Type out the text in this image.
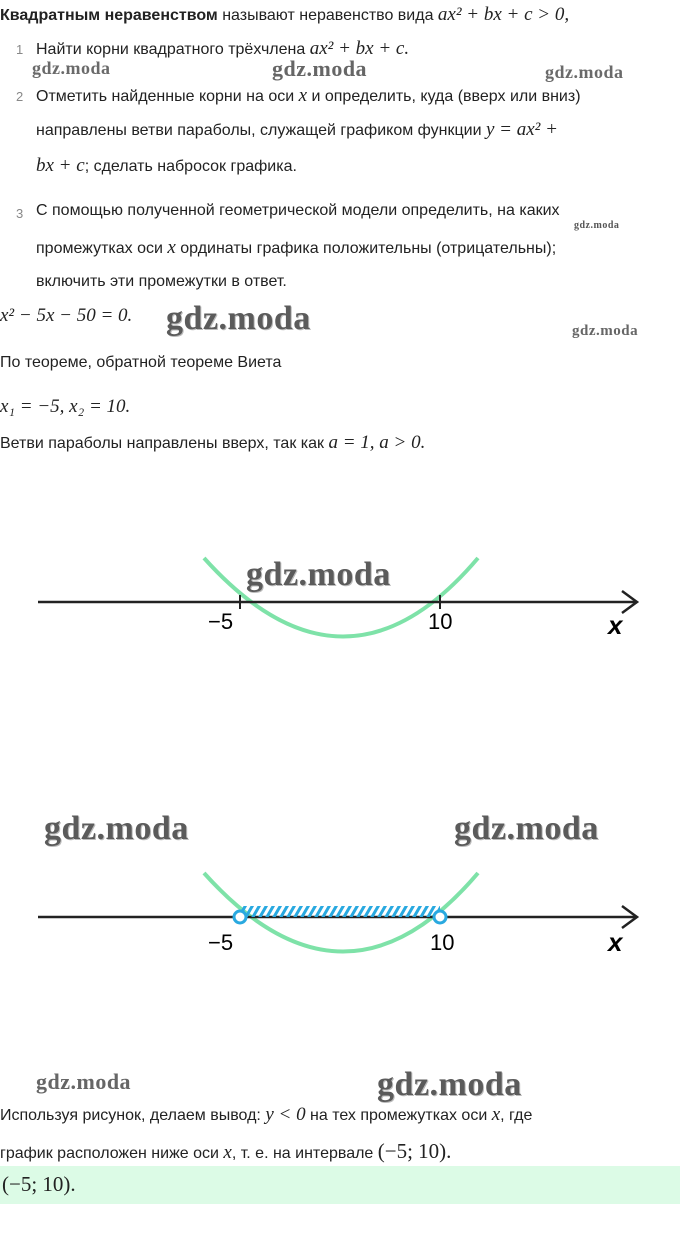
Квадратным неравенством называют неравенство вида ax² + bx + c > 0,
1 Найти корни квадратного трёхчлена ax² + bx + c.
2 Отметить найденные корни на оси x и определить, куда (вверх или вниз)
направлены ветви параболы, служащей графиком функции y = ax² +
bx + c; сделать набросок графика.
3 С помощью полученной геометрической модели определить, на каких
промежутках оси x ординаты графика положительны (отрицательны);
включить эти промежутки в ответ.
x² − 5x − 50 = 0.
По теореме, обратной теореме Виета
x₁ = −5, x₂ = 10.
Ветви параболы направлены вверх, так как a = 1, a > 0.
−5	10	x
−5	10	x
Используя рисунок, делаем вывод: y < 0 на тех промежутках оси x, где
график расположен ниже оси x, т. е. на интервале (−5; 10).
(−5; 10).
gdz.moda	gdz.moda	gdz.moda
gdz.moda
gdz.moda	gdz.moda
gdz.moda
gdz.moda	gdz.moda
gdz.moda	gdz.moda
